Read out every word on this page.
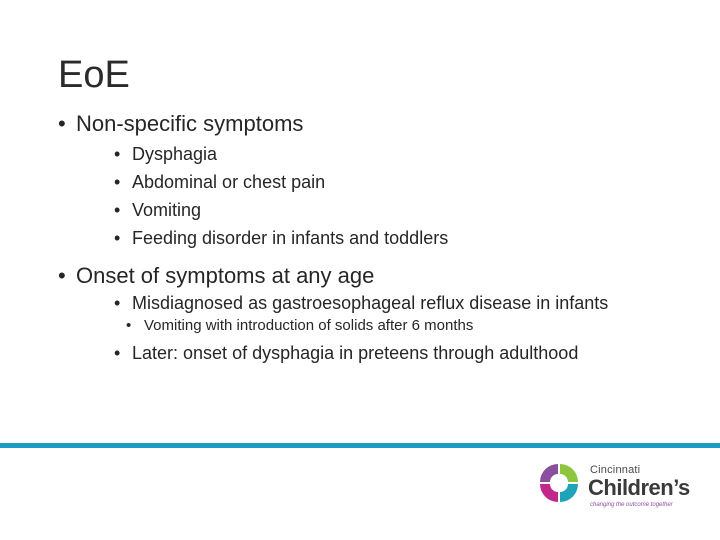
EoE
• Non-specific symptoms
• Dysphagia
• Abdominal or chest pain
• Vomiting
• Feeding disorder in infants and toddlers
• Onset of symptoms at any age
• Misdiagnosed as gastroesophageal reflux disease in infants
• Vomiting with introduction of solids after 6 months
• Later: onset of dysphagia in preteens through adulthood
Cincinnati
Children’s
changing the outcome together
